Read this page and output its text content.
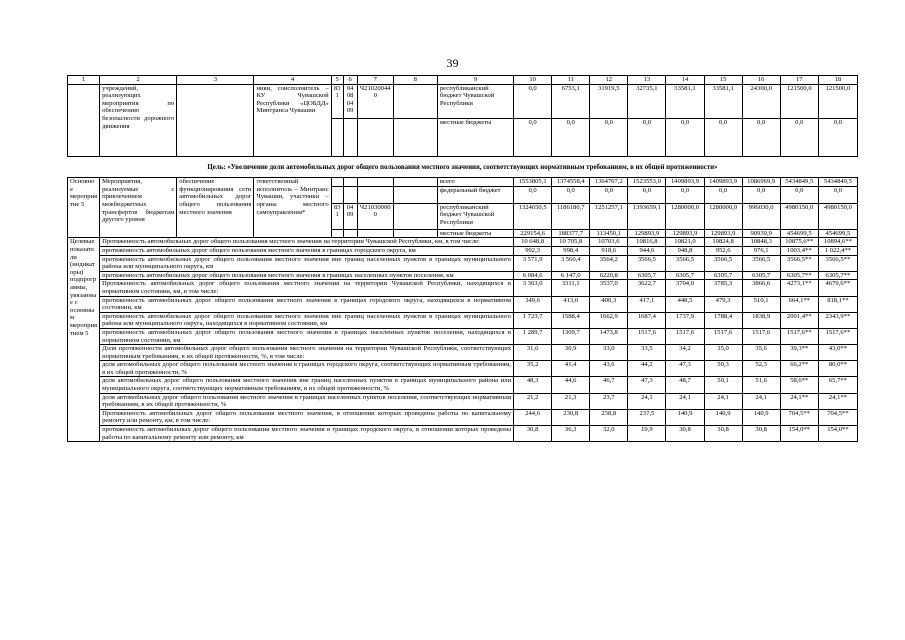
39
1	2	3	4	5	6	7	8	9	10	11	12	13	14	15	16	17	18
	учреждений, реализующих мероприятия по обеспечению безопасности дорожного движения		ники, соисполнитель – КУ Чувашской Республики «ЦОБДД» Минтранса Чувашии	831	0408 0409	Ч210200440		республиканский бюджет Чувашской Республики	0,0	6753,1	31919,5	32735,1	33581,1	33581,1	24300,0	121500,0	121500,0
								местные бюджеты	0,0	0,0	0,0	0,0	0,0	0,0	0,0	0,0	0,0
Цель: «Увеличение доли автомобильных дорог общего пользования местного значения, соответствующих нормативным требованиям, в их общей протяженности»																	
Основное мероприятие 5	Мероприятия, реализуемые с привлечением межбюджетных трансфертов бюджетам другого уровня	обеспечение функционирования сети автомобильных дорог общего пользования местного значения	ответственный исполнитель – Минтранс Чувашии, участники – органы местного самоуправления*					всего	1553805,1	1374558,4	1364707,2	1523553,0	1409893,9	1409893,9	1086969,9	5434849,5	5434849,5
								федеральный бюджет	0,0	0,0	0,0	0,0	0,0	0,0	0,0	0,0	0,0
				831	0409	Ч210300000		республиканский бюджет Чувашской Республики	1324650,5	1186180,7	1251257,1	1393659,1	1280000,0	1280000,0	996030,0	4980150,0	4980150,0
								местные бюджеты	229154,6	188377,7	113450,1	129893,9	129893,9	129893,9	90939,9	454699,5	454699,5
Целевые показатели (индикаторы) подпрограммы, увязанные с основным мероприятием 5	Протяженность автомобильных дорог общего пользования местного значения на территории Чувашской Республики, км, в том числе:								10 648,8	10 705,8	10703,6	10816,8	10821,0	10824,8	10848,3	10875,6**	10894,6**
	протяженность автомобильных дорог общего пользования местного значения в границах городского округа, км								992,3	998,4	918,6	944,6	948,8	952,6	976,1	1003,4**	1 022,4**
	протяженность автомобильных дорог общего пользования местного значения вне границ населенных пунктов в границах муниципального района или муниципального округа, км								3 571,9	3 560,4	3564,2	3566,5	3566,5	3566,5	3566,5	3566,5**	3566,5**
	протяженность автомобильных дорог общего пользования местного значения в границах населенных пунктов поселения, км								6 084,6	6 147,0	6220,8	6305,7	6305,7	6305,7	6305,7	6305,7**	6305,7**
	Протяженность автомобильных дорог общего пользования местного значения на территории Чувашской Республики, находящихся в нормативном состоянии, км, в том числе:								3 363,0	3311,1	3537,0	3622,7	3704,0	3785,3	3866,6	4273,1**	4679,6**
	протяженность автомобильных дорог общего пользования местного значения в границах городского округа, находящихся в нормативном состоянии, км								349,6	413,0	400,3	417,1	448,5	479,3	510,1	664,1**	818,1**
	протяженность автомобильных дорог общего пользования местного значения вне границ населенных пунктов в границах муниципального района или муниципального округа, находящихся в нормативном состоянии, км								1 723,7	1588,4	1662,9	1687,4	1737,9	1788,4	1838,9	2091,4**	2343,9**
	протяженность автомобильных дорог общего пользования местного значения в границах населенных пунктов поселения, находящихся в нормативном состоянии, км								1 289,7	1309,7	1473,8	1517,6	1517,6	1517,6	1517,6	1517,6**	1517,6**
	Доля протяженности автомобильных дорог общего пользования местного значения на территории Чувашской Республики, соответствующих нормативным требованиям, в их общей протяженности, %, в том числе:								31,6	30,9	33,0	33,5	34,2	35,0	35,6	39,3**	43,0**
	доля автомобильных дорог общего пользования местного значения в границах городского округа, соответствующих нормативным требованиям, в их общей протяженности, %								35,2	41,4	43,6	44,2	47,3	50,3	52,3	66,2**	80,0**
	доля автомобильных дорог общего пользования местного значения вне границ населенных пунктов в границах муниципального района или муниципального округа, соответствующих нормативным требованиям, в их общей протяженности, %								48,3	44,6	46,7	47,3	48,7	50,1	51,6	58,6**	65,7**
	доля автомобильных дорог общего пользования местного значения в границах населенных пунктов поселения, соответствующих нормативным требованиям, в их общей протяженности, %								21,2	21,3	23,7	24,1	24,1	24,1	24,1	24,1**	24,1**
	Протяженность автомобильных дорог общего пользования местного значения, в отношении которых проведены работы по капитальному ремонту или ремонту, км, в том числе:								244,6	230,8	238,8	237,5	140,9	140,9	140,9	704,5**	704,5**
	протяженность автомобильных дорог общего пользования местного значения в границах городского округа, в отношении которых проведены работы по капитальному ремонту или ремонту, км								30,8	36,3	32,0	19,9	30,8	30,8	30,8	154,0**	154,0**
